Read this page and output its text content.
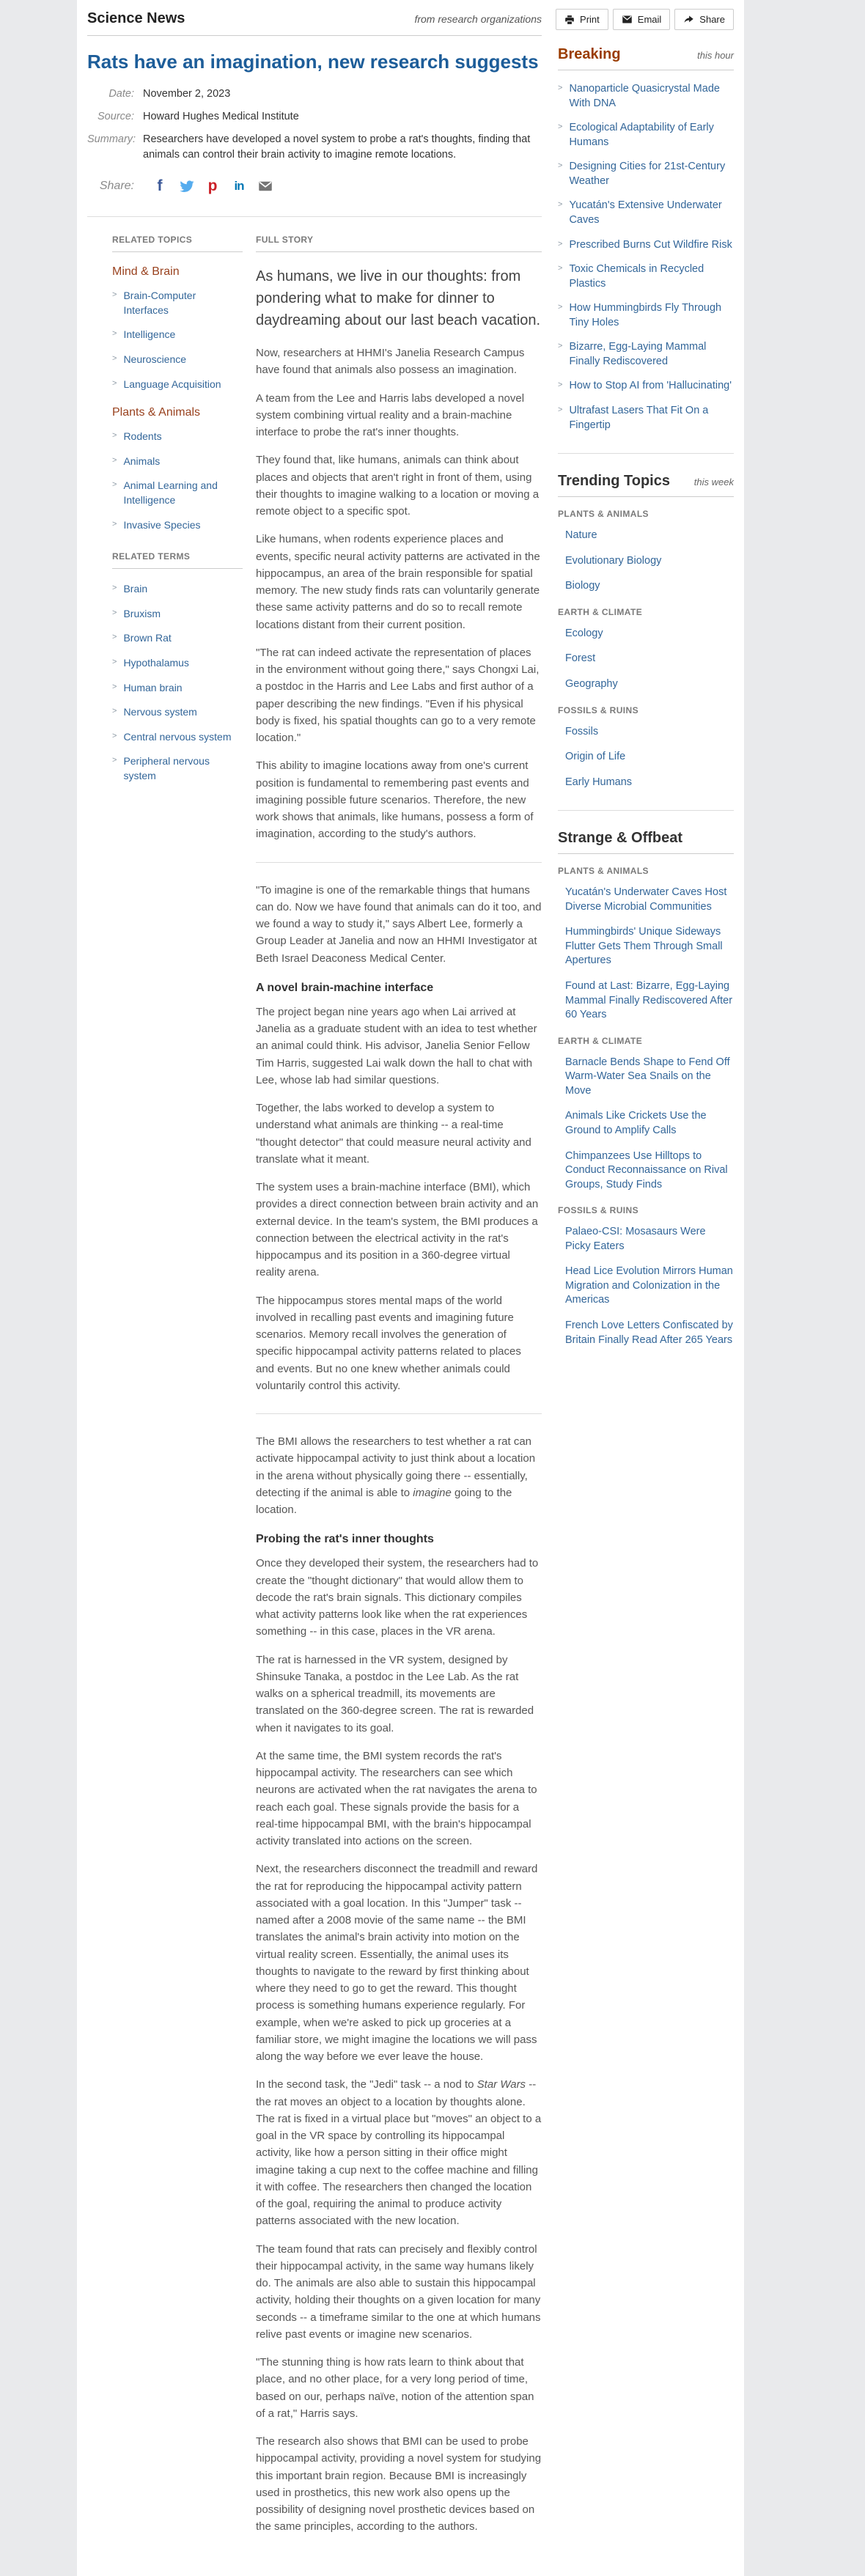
Science News	from research organizations
Rats have an imagination, new research suggests
Date: November 2, 2023
Source: Howard Hughes Medical Institute
Summary: Researchers have developed a novel system to probe a rat's thoughts, finding that animals can control their brain activity to imagine remote locations.
Share: f	p in
RELATED TOPICS
Mind & Brain
> Brain-Computer Interfaces
> Intelligence
> Neuroscience
> Language Acquisition
Plants & Animals
> Rodents
> Animals
> Animal Learning and Intelligence
> Invasive Species
RELATED TERMS
> Brain
> Bruxism
> Brown Rat
> Hypothalamus
> Human brain
> Nervous system
> Central nervous system
> Peripheral nervous system
FULL STORY

As humans, we live in our thoughts: from pondering what to make for dinner to daydreaming about our last beach vacation.

Now, researchers at HHMI's Janelia Research Campus have found that animals also possess an imagination.

A team from the Lee and Harris labs developed a novel system combining virtual reality and a brain-machine interface to probe the rat's inner thoughts.

They found that, like humans, animals can think about places and objects that aren't right in front of them, using their thoughts to imagine walking to a location or moving a remote object to a specific spot.

Like humans, when rodents experience places and events, specific neural activity patterns are activated in the hippocampus, an area of the brain responsible for spatial memory. The new study finds rats can voluntarily generate these same activity patterns and do so to recall remote locations distant from their current position.

"The rat can indeed activate the representation of places in the environment without going there," says Chongxi Lai, a postdoc in the Harris and Lee Labs and first author of a paper describing the new findings. "Even if his physical body is fixed, his spatial thoughts can go to a very remote location."

This ability to imagine locations away from one's current position is fundamental to remembering past events and imagining possible future scenarios. Therefore, the new work shows that animals, like humans, possess a form of imagination, according to the study's authors.

"To imagine is one of the remarkable things that humans can do. Now we have found that animals can do it too, and we found a way to study it," says Albert Lee, formerly a Group Leader at Janelia and now an HHMI Investigator at Beth Israel Deaconess Medical Center.

A novel brain-machine interface

The project began nine years ago when Lai arrived at Janelia as a graduate student with an idea to test whether an animal could think. His advisor, Janelia Senior Fellow Tim Harris, suggested Lai walk down the hall to chat with Lee, whose lab had similar questions.

Together, the labs worked to develop a system to understand what animals are thinking -- a real-time "thought detector" that could measure neural activity and translate what it meant.

The system uses a brain-machine interface (BMI), which provides a direct connection between brain activity and an external device. In the team's system, the BMI produces a connection between the electrical activity in the rat's hippocampus and its position in a 360-degree virtual reality arena.

The hippocampus stores mental maps of the world involved in recalling past events and imagining future scenarios. Memory recall involves the generation of specific hippocampal activity patterns related to places and events. But no one knew whether animals could voluntarily control this activity.

The BMI allows the researchers to test whether a rat can activate hippocampal activity to just think about a location in the arena without physically going there -- essentially, detecting if the animal is able to imagine going to the location.

Probing the rat's inner thoughts

Once they developed their system, the researchers had to create the "thought dictionary" that would allow them to decode the rat's brain signals. This dictionary compiles what activity patterns look like when the rat experiences something -- in this case, places in the VR arena.

The rat is harnessed in the VR system, designed by Shinsuke Tanaka, a postdoc in the Lee Lab. As the rat walks on a spherical treadmill, its movements are translated on the 360-degree screen. The rat is rewarded when it navigates to its goal.

At the same time, the BMI system records the rat's hippocampal activity. The researchers can see which neurons are activated when the rat navigates the arena to reach each goal. These signals provide the basis for a real-time hippocampal BMI, with the brain's hippocampal activity translated into actions on the screen.

Next, the researchers disconnect the treadmill and reward the rat for reproducing the hippocampal activity pattern associated with a goal location. In this "Jumper" task -- named after a 2008 movie of the same name -- the BMI translates the animal's brain activity into motion on the virtual reality screen. Essentially, the animal uses its thoughts to navigate to the reward by first thinking about where they need to go to get the reward. This thought process is something humans experience regularly. For example, when we're asked to pick up groceries at a familiar store, we might imagine the locations we will pass along the way before we ever leave the house.

In the second task, the "Jedi" task -- a nod to Star Wars -- the rat moves an object to a location by thoughts alone. The rat is fixed in a virtual place but "moves" an object to a goal in the VR space by controlling its hippocampal activity, like how a person sitting in their office might imagine taking a cup next to the coffee machine and filling it with coffee. The researchers then changed the location of the goal, requiring the animal to produce activity patterns associated with the new location.

The team found that rats can precisely and flexibly control their hippocampal activity, in the same way humans likely do. The animals are also able to sustain this hippocampal activity, holding their thoughts on a given location for many seconds -- a timeframe similar to the one at which humans relive past events or imagine new scenarios.

"The stunning thing is how rats learn to think about that place, and no other place, for a very long period of time, based on our, perhaps naïve, notion of the attention span of a rat," Harris says.

The research also shows that BMI can be used to probe hippocampal activity, providing a novel system for studying this important brain region. Because BMI is increasingly used in prosthetics, this new work also opens up the possibility of designing novel prosthetic devices based on the same principles, according to the authors.

Print	Email	Share
Breaking	this hour
> Nanoparticle Quasicrystal Made With DNA
> Ecological Adaptability of Early Humans
> Designing Cities for 21st-Century Weather
> Yucatán's Extensive Underwater Caves
> Prescribed Burns Cut Wildfire Risk
> Toxic Chemicals in Recycled Plastics
> How Hummingbirds Fly Through Tiny Holes
> Bizarre, Egg-Laying Mammal Finally Rediscovered
> How to Stop AI from 'Hallucinating'
> Ultrafast Lasers That Fit On a Fingertip
Trending Topics	this week
PLANTS & ANIMALS
Nature
Evolutionary Biology
Biology
EARTH & CLIMATE
Ecology
Forest
Geography
FOSSILS & RUINS
Fossils
Origin of Life
Early Humans
Strange & Offbeat
PLANTS & ANIMALS
Yucatán's Underwater Caves Host Diverse Microbial Communities
Hummingbirds' Unique Sideways Flutter Gets Them Through Small Apertures
Found at Last: Bizarre, Egg-Laying Mammal Finally Rediscovered After 60 Years
EARTH & CLIMATE
Barnacle Bends Shape to Fend Off Warm-Water Sea Snails on the Move
Animals Like Crickets Use the Ground to Amplify Calls
Chimpanzees Use Hilltops to Conduct Reconnaissance on Rival Groups, Study Finds
FOSSILS & RUINS
Palaeo-CSI: Mosasaurs Were Picky Eaters
Head Lice Evolution Mirrors Human Migration and Colonization in the Americas
French Love Letters Confiscated by Britain Finally Read After 265 Years
